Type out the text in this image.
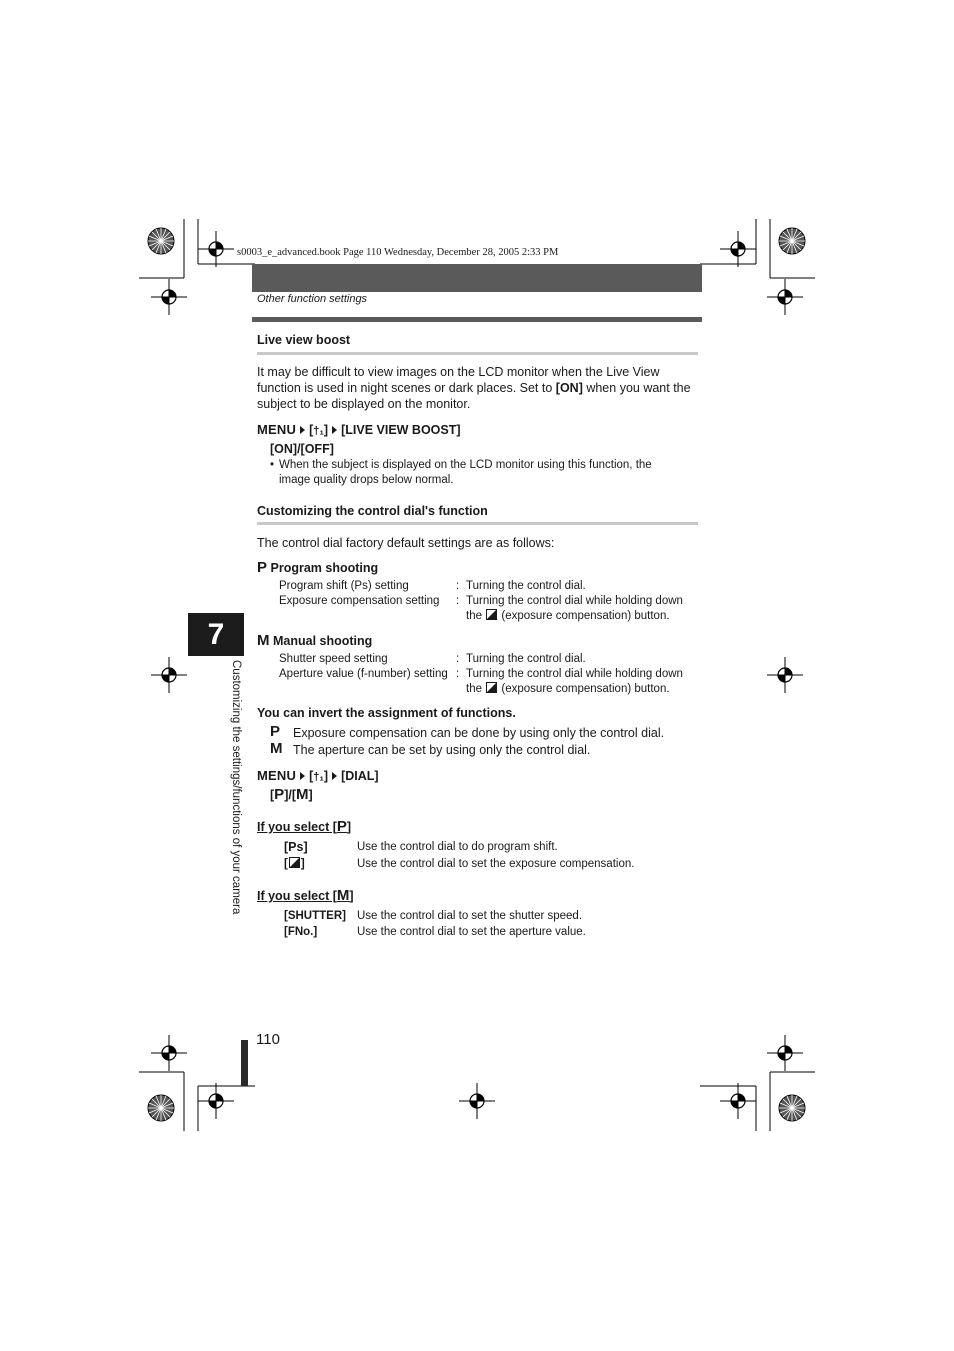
s0003_e_advanced.book Page 110 Wednesday, December 28, 2005 2:33 PM
Other function settings
7
Customizing the settings/functions of your camera
Live view boost
It may be difficult to view images on the LCD monitor when the Live View
function is used in night scenes or dark places. Set to [ON] when you want the
subject to be displayed on the monitor.
MENU [†₁] [LIVE VIEW BOOST]
[ON]/[OFF]
• When the subject is displayed on the LCD monitor using this function, the
image quality drops below normal.
Customizing the control dial's function
The control dial factory default settings are as follows:
P Program shooting
Program shift (Ps) setting	: Turning the control dial.
Exposure compensation setting : Turning the control dial while holding down
the (exposure compensation) button.
M Manual shooting
Shutter speed setting	: Turning the control dial.
Aperture value (f-number) setting : Turning the control dial while holding down
the (exposure compensation) button.
You can invert the assignment of functions.
P Exposure compensation can be done by using only the control dial.
M The aperture can be set by using only the control dial.
MENU [†₁] [DIAL]
[P]/[M]
If you select [P]
[Ps]	Use the control dial to do program shift.
[ ]	Use the control dial to set the exposure compensation.
If you select [M]
[SHUTTER] Use the control dial to set the shutter speed.
[FNo.]	Use the control dial to set the aperture value.
110
